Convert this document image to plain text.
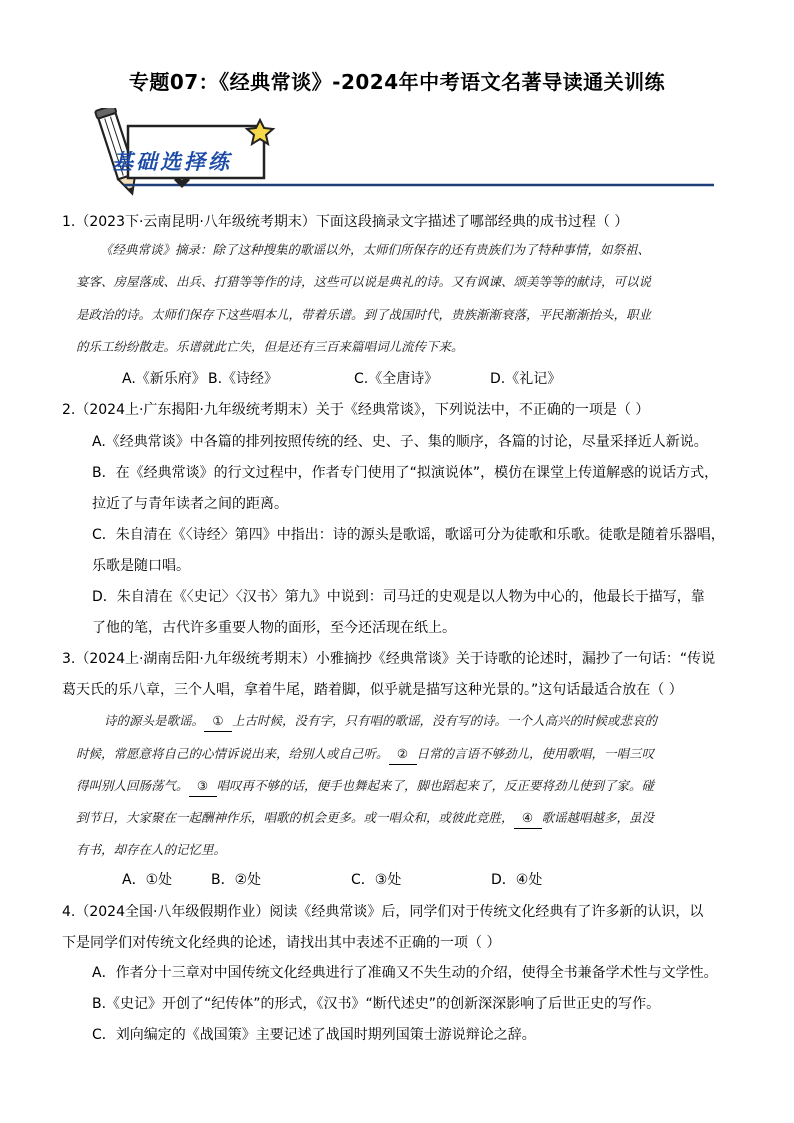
专题07：《经典常谈》-2024年中考语文名著导读通关训练
基础选择练
1.（2023下·云南昆明·八年级统考期末）下面这段摘录文字描述了哪部经典的成书过程（ ）
《经典常谈》摘录：除了这种搜集的歌谣以外，太师们所保存的还有贵族们为了特种事情，如祭祖、
宴客、房屋落成、出兵、打猎等等作的诗，这些可以说是典礼的诗。又有讽谏、颂美等等的献诗，可以说
是政治的诗。太师们保存下这些唱本儿，带着乐谱。到了战国时代，贵族渐渐衰落，平民渐渐抬头，职业
的乐工纷纷散走。乐谱就此亡失，但是还有三百来篇唱词儿流传下来。
A.《新乐府》 B.《诗经》	C.《全唐诗》	D.《礼记》
2.（2024上·广东揭阳·九年级统考期末）关于《经典常谈》，下列说法中，不正确的一项是（ ）
A.《经典常谈》中各篇的排列按照传统的经、史、子、集的顺序，各篇的讨论，尽量采择近人新说。
B．在《经典常谈》的行文过程中，作者专门使用了“拟演说体”，模仿在课堂上传道解惑的说话方式，
拉近了与青年读者之间的距离。
C．朱自清在《〈诗经〉第四》中指出：诗的源头是歌谣，歌谣可分为徒歌和乐歌。徒歌是随着乐器唱，
乐歌是随口唱。
D．朱自清在《〈史记〉〈汉书〉第九》中说到：司马迁的史观是以人物为中心的，他最长于描写，靠
了他的笔，古代许多重要人物的面形，至今还活现在纸上。
3.（2024上·湖南岳阳·九年级统考期末）小雅摘抄《经典常谈》关于诗歌的论述时，漏抄了一句话：“传说
葛天氏的乐八章，三个人唱，拿着牛尾，踏着脚，似乎就是描写这种光景的。”这句话最适合放在（ ）
诗的源头是歌谣。 ① 上古时候，没有字，只有唱的歌谣，没有写的诗。一个人高兴的时候或悲哀的
时候，常愿意将自己的心情诉说出来，给别人或自己听。 ② 日常的言语不够劲儿，使用歌唱，一唱三叹
得叫别人回肠荡气。 ③ 唱叹再不够的话，便手也舞起来了，脚也蹈起来了，反正要将劲儿使到了家。碰
到节日，大家聚在一起酬神作乐，唱歌的机会更多。或一唱众和，或彼此竞胜， ④ 歌谣越唱越多，虽没
有书，却存在人的记忆里。
A．①处	B．②处	C．③处	D．④处
4.（2024全国·八年级假期作业）阅读《经典常谈》后，同学们对于传统文化经典有了许多新的认识，以
下是同学们对传统文化经典的论述，请找出其中表述不正确的一项（ ）
A．作者分十三章对中国传统文化经典进行了准确又不失生动的介绍，使得全书兼备学术性与文学性。
B.《史记》开创了“纪传体”的形式，《汉书》“断代述史”的创新深深影响了后世正史的写作。
C．刘向编定的《战国策》主要记述了战国时期列国策士游说辩论之辞。
